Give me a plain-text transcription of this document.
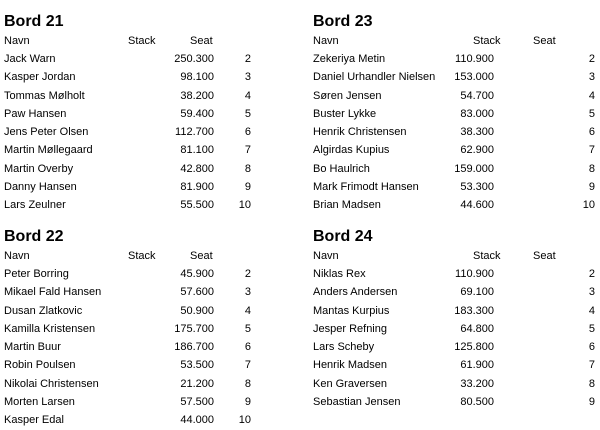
Bord 21
Navn	Stack	Seat
Jack Warn	250.300	2
Kasper Jordan	98.100	3
Tommas Mølholt	38.200	4
Paw Hansen	59.400	5
Jens Peter Olsen	112.700	6
Martin Møllegaard	81.100	7
Martin Overby	42.800	8
Danny Hansen	81.900	9
Lars Zeulner	55.500	10
Bord 23
Navn	Stack	Seat
Zekeriya Metin	110.900	2
Daniel Urhandler Nielsen	153.000	3
Søren Jensen	54.700	4
Buster Lykke	83.000	5
Henrik Christensen	38.300	6
Algirdas Kupius	62.900	7
Bo Haulrich	159.000	8
Mark Frimodt Hansen	53.300	9
Brian Madsen	44.600	10
Bord 22
Navn	Stack	Seat
Peter Borring	45.900	2
Mikael Fald Hansen	57.600	3
Dusan Zlatkovic	50.900	4
Kamilla Kristensen	175.700	5
Martin Buur	186.700	6
Robin Poulsen	53.500	7
Nikolai Christensen	21.200	8
Morten Larsen	57.500	9
Kasper Edal	44.000	10
Bord 24
Navn	Stack	Seat
Niklas Rex	110.900	2
Anders Andersen	69.100	3
Mantas Kurpius	183.300	4
Jesper Refning	64.800	5
Lars Scheby	125.800	6
Henrik Madsen	61.900	7
Ken Graversen	33.200	8
Sebastian Jensen	80.500	9
